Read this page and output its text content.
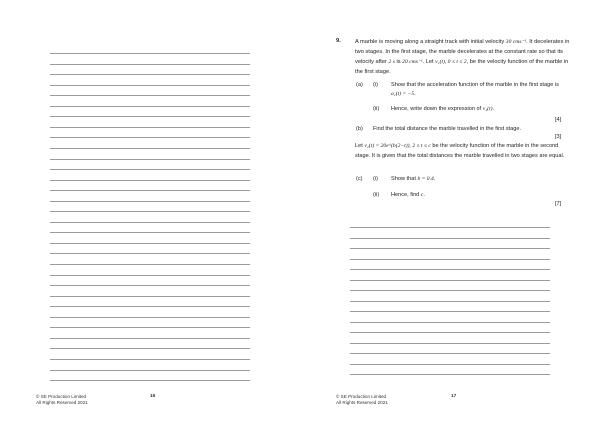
© SE Production Limited
All Rights Reserved 2021
16	© SE Production Limited
All Rights Reserved 2021
17
9. A marble is moving along a straight track with initial velocity 30 cms⁻¹. It decelerates in two stages. In the first stage, the marble decelerates at the constant rate so that its velocity after 2 s is 20 cms⁻¹. Let v₁(t), 0 ≤ t ≤ 2, be the velocity function of the marble in the first stage.
(a) (i) Show that the acceleration function of the marble in the first stage is a₁(t) = −5.
(ii) Hence, write down the expression of v₁(t).
[4]
(b) Find the total distance the marble travelled in the first stage.
[3]
Let v₂(t) = 20e^(b(2−t)), 2 ≤ t ≤ c be the velocity function of the marble in the second stage. It is given that the total distances the marble travelled in two stages are equal.
(c) (i) Show that b = 0.4.
(ii) Hence, find c.
[7]
